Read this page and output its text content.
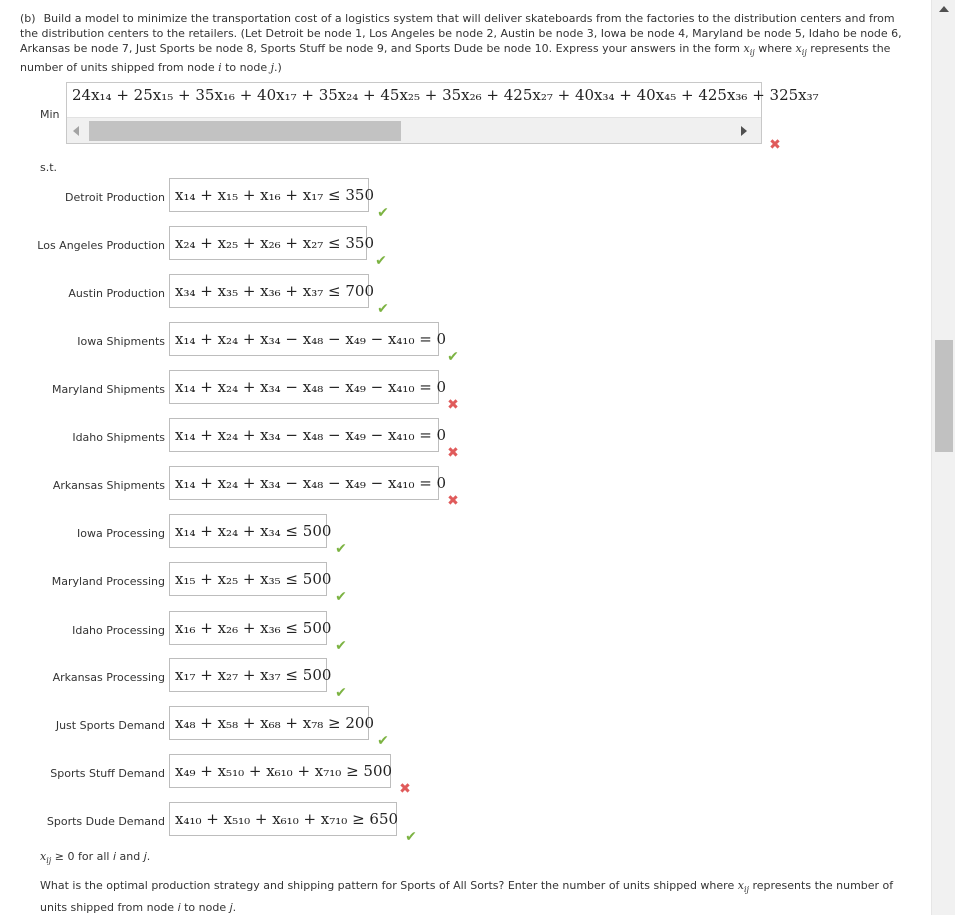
(b) Build a model to minimize the transportation cost of a logistics system that will deliver skateboards from the factories to the distribution centers and from the distribution centers to the retailers. (Let Detroit be node 1, Los Angeles be node 2, Austin be node 3, Iowa be node 4, Maryland be node 5, Idaho be node 6, Arkansas be node 7, Just Sports be node 8, Sports Stuff be node 9, and Sports Dude be node 10. Express your answers in the form $x_{ij}$ where $x_{ij}$ represents the number of units shipped from node i to node j.)
Min
24x₁₄ + 25x₁₅ + 35x₁₆ + 40x₁₇ + 35x₂₄ + 45x₂₅ + 35x₂₆ + 425x₂₇ + 40x₃₄ + 40x₄₅ + 425x₃₆ + 325x₃₇
✖
s.t.
Detroit Production x₁₄ + x₁₅ + x₁₆ + x₁₇ ≤ 350
✔
Los Angeles Production x₂₄ + x₂₅ + x₂₆ + x₂₇ ≤ 350
✔
Austin Production x₃₄ + x₃₅ + x₃₆ + x₃₇ ≤ 700
✔
Iowa Shipments x₁₄ + x₂₄ + x₃₄ − x₄₈ − x₄₉ − x₄₁₀ = 0
✔
Maryland Shipments x₁₄ + x₂₄ + x₃₄ − x₄₈ − x₄₉ − x₄₁₀ = 0
✖
Idaho Shipments x₁₄ + x₂₄ + x₃₄ − x₄₈ − x₄₉ − x₄₁₀ = 0
✖
Arkansas Shipments x₁₄ + x₂₄ + x₃₄ − x₄₈ − x₄₉ − x₄₁₀ = 0
✖
Iowa Processing x₁₄ + x₂₄ + x₃₄ ≤ 500
✔
Maryland Processing x₁₅ + x₂₅ + x₃₅ ≤ 500
✔
Idaho Processing x₁₆ + x₂₆ + x₃₆ ≤ 500
✔
Arkansas Processing x₁₇ + x₂₇ + x₃₇ ≤ 500
✔
Just Sports Demand x₄₈ + x₅₈ + x₆₈ + x₇₈ ≥ 200
✔
Sports Stuff Demand x₄₉ + x₅₁₀ + x₆₁₀ + x₇₁₀ ≥ 500
✖
Sports Dude Demand x₄₁₀ + x₅₁₀ + x₆₁₀ + x₇₁₀ ≥ 650
✔
$x_{ij} \ge 0$ for all i and j.
What is the optimal production strategy and shipping pattern for Sports of All Sorts? Enter the number of units shipped where $x_{ij}$ represents the number of units shipped from node i to node j.
